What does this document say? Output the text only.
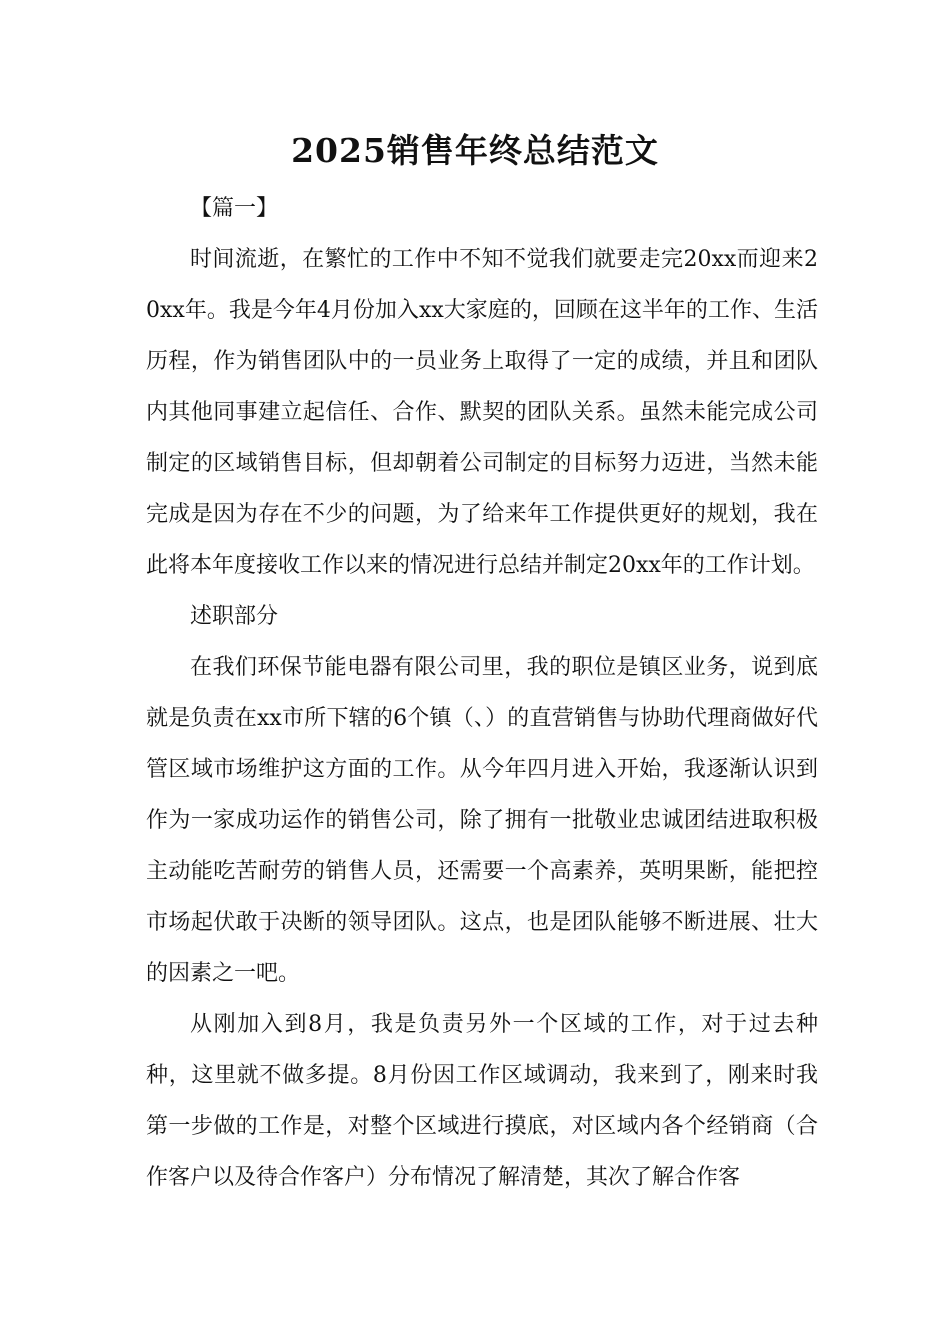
2025销售年终总结范文

【篇一】

时间流逝，在繁忙的工作中不知不觉我们就要走完20xx而迎来20xx年。我是今年4月份加入xx大家庭的，回顾在这半年的工作、生活历程，作为销售团队中的一员业务上取得了一定的成绩，并且和团队内其他同事建立起信任、合作、默契的团队关系。虽然未能完成公司制定的区域销售目标，但却朝着公司制定的目标努力迈进，当然未能完成是因为存在不少的问题，为了给来年工作提供更好的规划，我在此将本年度接收工作以来的情况进行总结并制定20xx年的工作计划。

述职部分

在我们环保节能电器有限公司里，我的职位是镇区业务，说到底就是负责在xx市所下辖的6个镇（、）的直营销售与协助代理商做好代管区域市场维护这方面的工作。从今年四月进入开始，我逐渐认识到作为一家成功运作的销售公司，除了拥有一批敬业忠诚团结进取积极主动能吃苦耐劳的销售人员，还需要一个高素养，英明果断，能把控市场起伏敢于决断的领导团队。这点，也是团队能够不断进展、壮大的因素之一吧。

从刚加入到8月，我是负责另外一个区域的工作，对于过去种种，这里就不做多提。8月份因工作区域调动，我来到了，刚来时我第一步做的工作是，对整个区域进行摸底，对区域内各个经销商（合作客户以及待合作客户）分布情况了解清楚，其次了解合作客
